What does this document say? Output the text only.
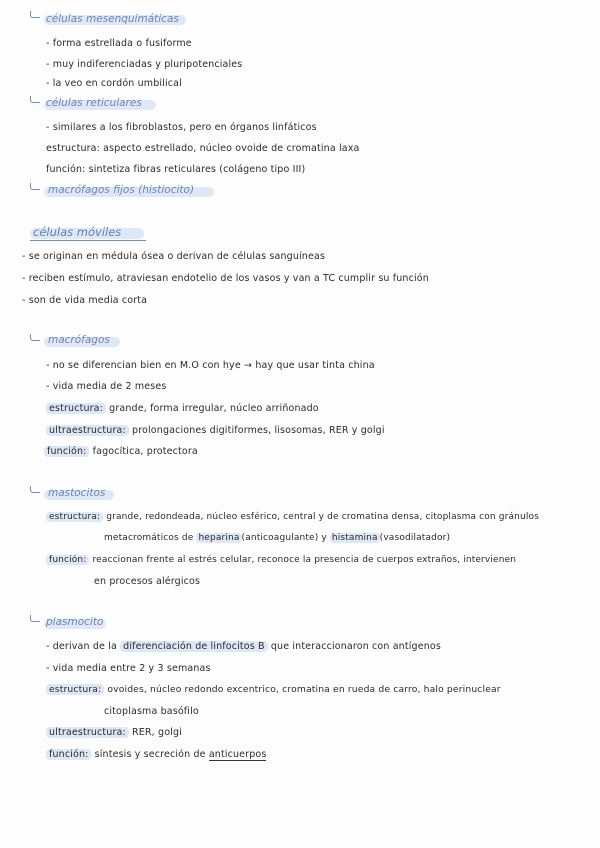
células mesenquimáticas
- forma estrellada o fusiforme
- muy indiferenciadas y pluripotenciales
- la veo en cordón umbilical
células reticulares
- similares a los fibroblastos, pero en órganos linfáticos
estructura: aspecto estrellado, núcleo ovoide de cromatina laxa
función: sintetiza fibras reticulares (colágeno tipo III)
macrófagos fijos (histiocito)
células móviles
- se originan en médula ósea o derivan de células sanguíneas
- reciben estímulo, atraviesan endotelio de los vasos y van a TC cumplir su función
- son de vida media corta
macrófagos
- no se diferencian bien en M.O con hye → hay que usar tinta china
- vida media de 2 meses
estructura: grande, forma irregular, núcleo arriñonado
ultraestructura: prolongaciones digitiformes, lisosomas, RER y golgi
función: fagocítica, protectora
mastocitos
estructura: grande, redondeada, núcleo esférico, central y de cromatina densa, citoplasma con gránulos
metacromáticos de heparina (anticoagulante) y histamina (vasodilatador)
función: reaccionan frente al estrés celular, reconoce la presencia de cuerpos extraños, intervienen
en procesos alérgicos
plasmocito
- derivan de la diferenciación de linfocitos B que interaccionaron con antígenos
- vida media entre 2 y 3 semanas
estructura: ovoides, núcleo redondo excentrico, cromatina en rueda de carro, halo perinuclear
citoplasma basófilo
ultraestructura: RER, golgi
función: síntesis y secreción de anticuerpos
